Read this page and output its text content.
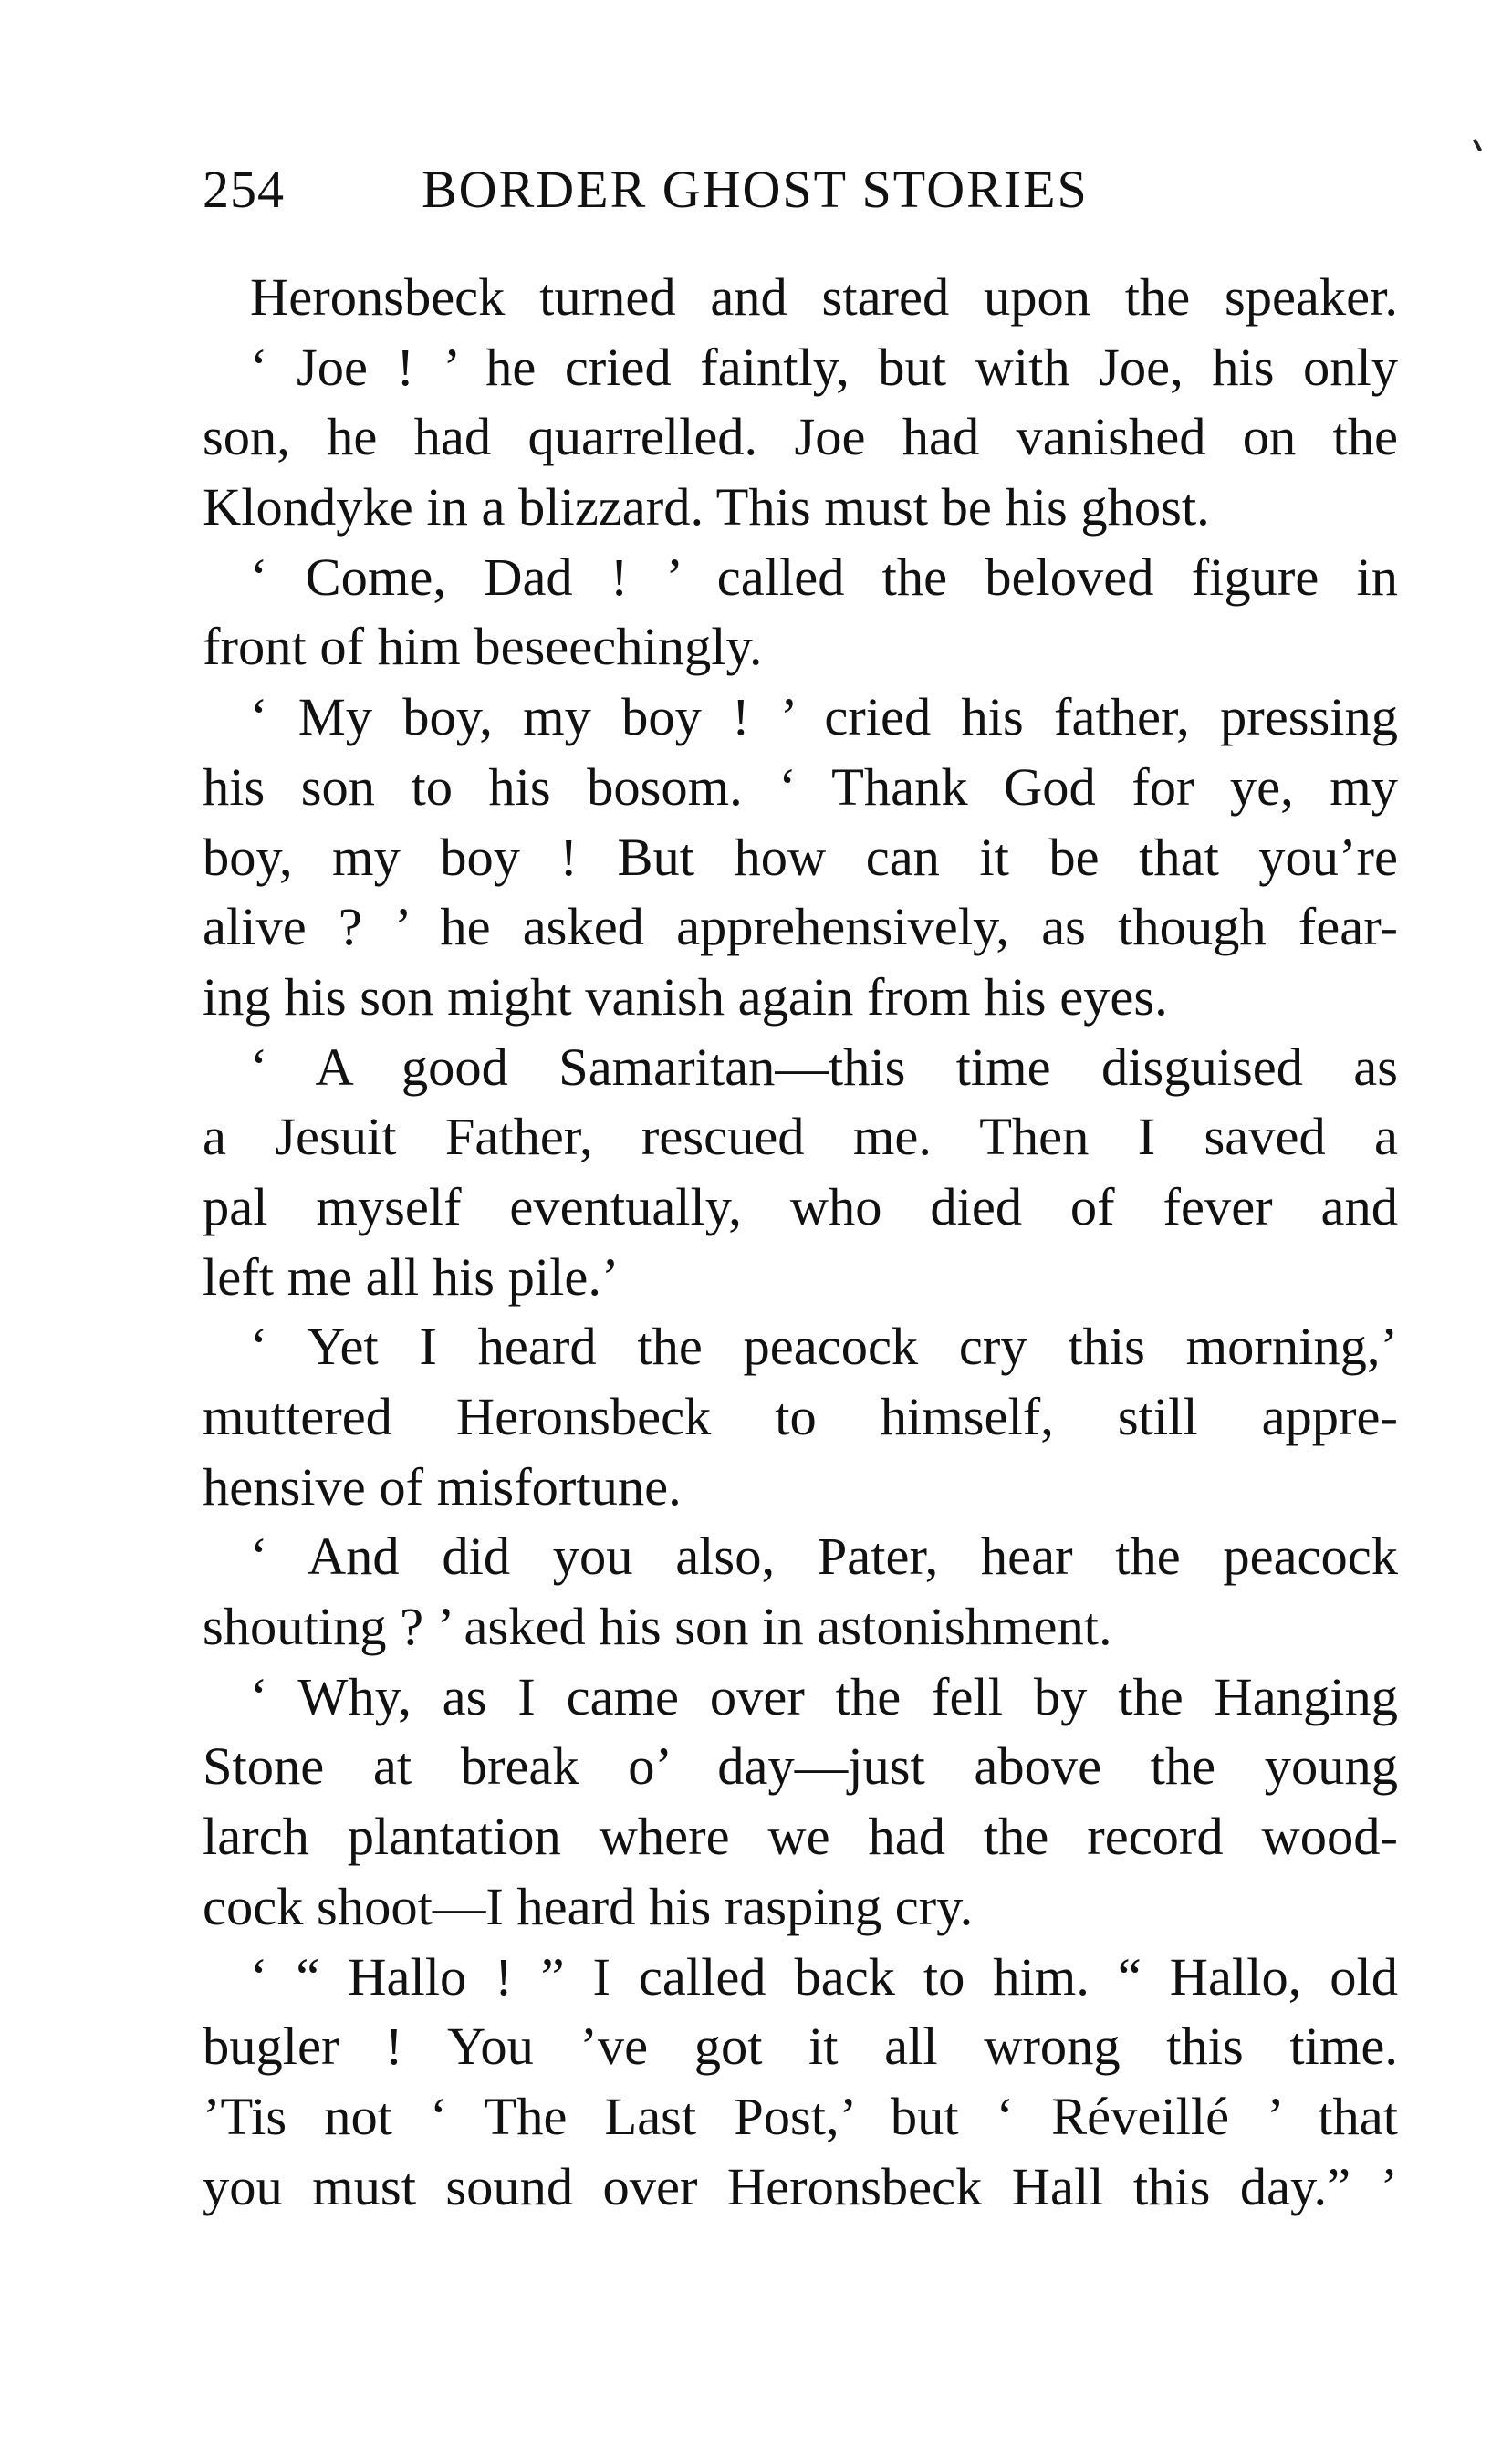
254	BORDER GHOST STORIES
Heronsbeck turned and stared upon the speaker.
‘ Joe ! ’ he cried faintly, but with Joe, his only
son, he had quarrelled. Joe had vanished on the
Klondyke in a blizzard. This must be his ghost.
‘ Come, Dad ! ’ called the beloved figure in
front of him beseechingly.
‘ My boy, my boy ! ’ cried his father, pressing
his son to his bosom. ‘ Thank God for ye, my
boy, my boy ! But how can it be that you’re
alive ? ’ he asked apprehensively, as though fear-
ing his son might vanish again from his eyes.
‘ A good Samaritan—this time disguised as
a Jesuit Father, rescued me. Then I saved a
pal myself eventually, who died of fever and
left me all his pile.’
‘ Yet I heard the peacock cry this morning,’
muttered Heronsbeck to himself, still appre-
hensive of misfortune.
‘ And did you also, Pater, hear the peacock
shouting ? ’ asked his son in astonishment.
‘ Why, as I came over the fell by the Hanging
Stone at break o’ day—just above the young
larch plantation where we had the record wood-
cock shoot—I heard his rasping cry.
‘ “ Hallo ! ” I called back to him. “ Hallo, old
bugler ! You ’ve got it all wrong this time.
’Tis not ‘ The Last Post,’ but ‘ Réveillé ’ that
you must sound over Heronsbeck Hall this day.” ’
